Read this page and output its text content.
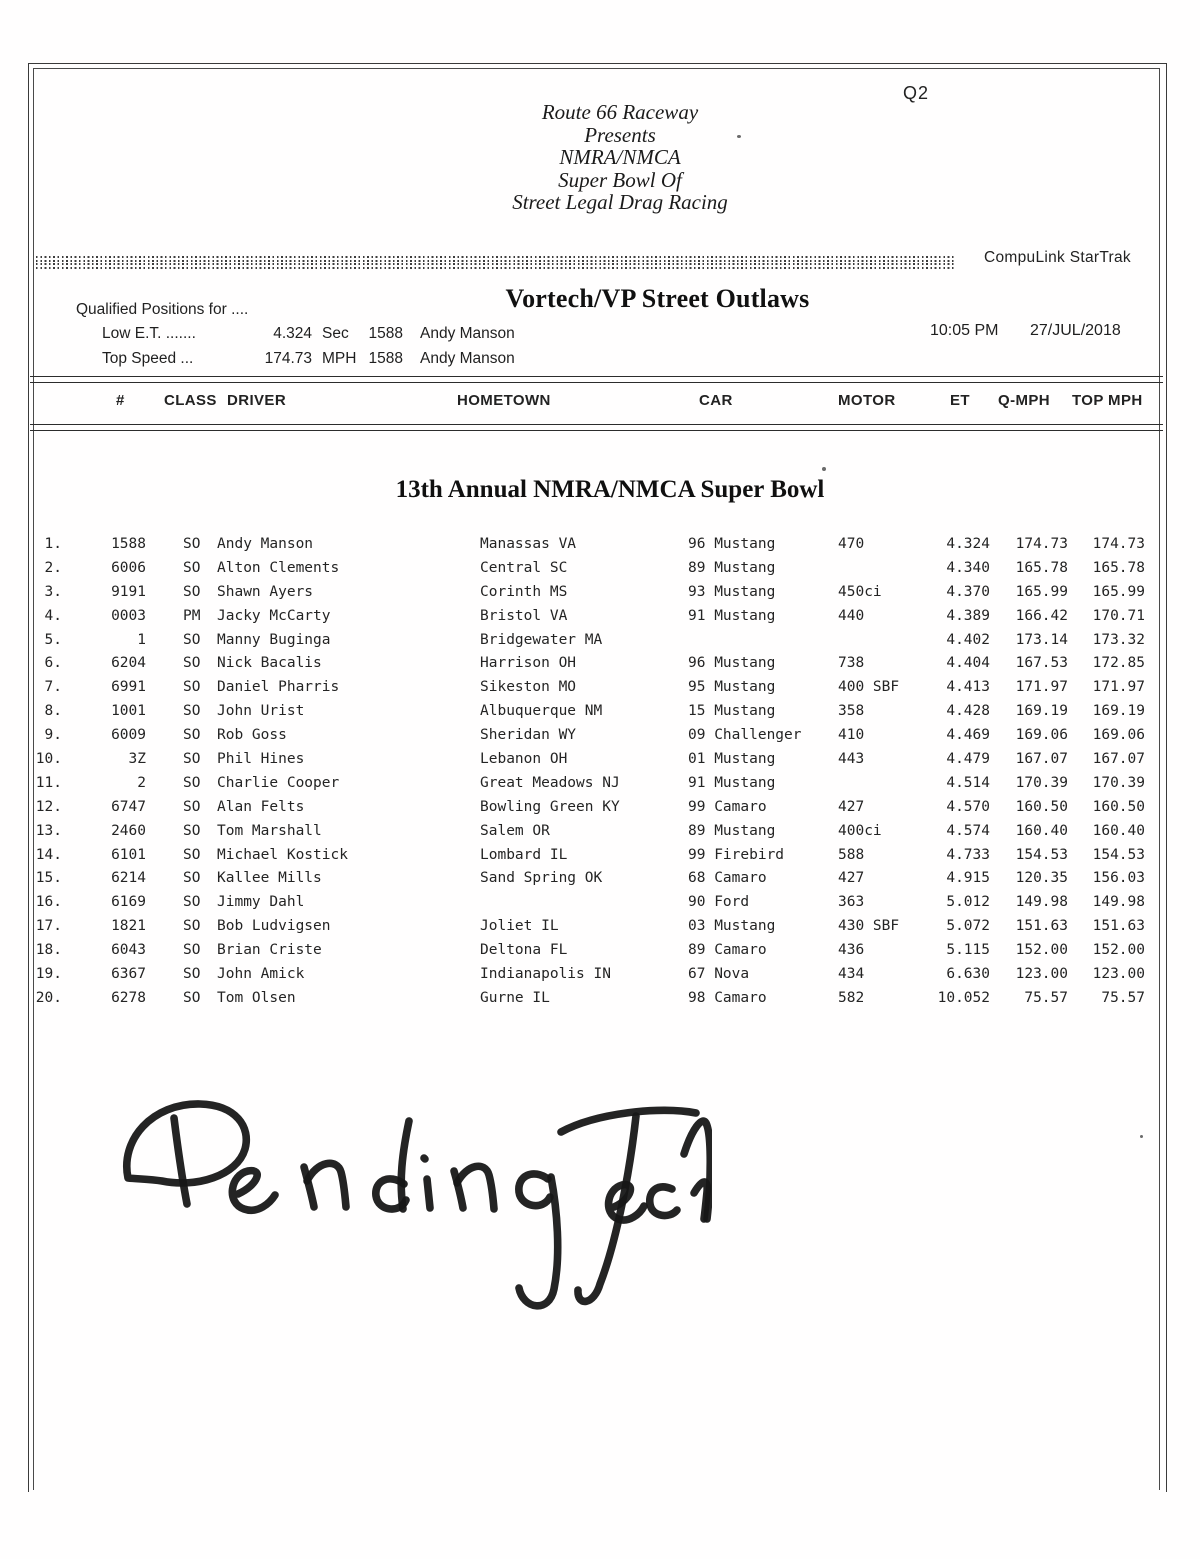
Q2
Route 66 Raceway
Presents
NMRA/NMCA
Super Bowl Of
Street Legal Drag Racing
CompuLink StarTrak
Vortech/VP Street Outlaws
Qualified Positions for ....
Low E.T. .......	4.324 Sec	1588 Andy Manson
Top Speed ...	174.73 MPH 1588 Andy Manson
10:05 PM 27/JUL/2018
#	CLASS DRIVER	HOMETOWN	CAR	MOTOR	ET Q-MPH TOP MPH
13th Annual NMRA/NMCA Super Bowl
1.	1588	SO Andy Manson	Manassas VA	96 Mustang	470	4.324	174.73	174.73
2.	6006	SO Alton Clements	Central SC	89 Mustang	4.340	165.78	165.78
3.	9191	SO Shawn Ayers	Corinth MS	93 Mustang	450ci	4.370	165.99	165.99
4.	0003	PM Jacky McCarty	Bristol VA	91 Mustang	440	4.389	166.42	170.71
5.	1	SO Manny Buginga	Bridgewater MA	4.402	173.14	173.32
6.	6204	SO Nick Bacalis	Harrison OH	96 Mustang	738	4.404	167.53	172.85
7.	6991	SO Daniel Pharris	Sikeston MO	95 Mustang	400 SBF	4.413	171.97	171.97
8.	1001	SO John Urist	Albuquerque NM	15 Mustang	358	4.428	169.19	169.19
9.	6009	SO Rob Goss	Sheridan WY	09 Challenger	410	4.469	169.06	169.06
10.	3Z	SO Phil Hines	Lebanon OH	01 Mustang	443	4.479	167.07	167.07
11.	2	SO Charlie Cooper	Great Meadows NJ	91 Mustang	4.514	170.39	170.39
12.	6747	SO Alan Felts	Bowling Green KY	99 Camaro	427	4.570	160.50	160.50
13.	2460	SO Tom Marshall	Salem OR	89 Mustang	400ci	4.574	160.40	160.40
14.	6101	SO Michael Kostick	Lombard IL	99 Firebird	588	4.733	154.53	154.53
15.	6214	SO Kallee Mills	Sand Spring OK	68 Camaro	427	4.915	120.35	156.03
16.	6169	SO Jimmy Dahl	90 Ford	363	5.012	149.98	149.98
17.	1821	SO Bob Ludvigsen	Joliet IL	03 Mustang	430 SBF	5.072	151.63	151.63
18.	6043	SO Brian Criste	Deltona FL	89 Camaro	436	5.115	152.00	152.00
19.	6367	SO John Amick	Indianapolis IN	67 Nova	434	6.630	123.00	123.00
20.	6278	SO Tom Olsen	Gurne IL	98 Camaro	582	10.052	75.57	75.57
